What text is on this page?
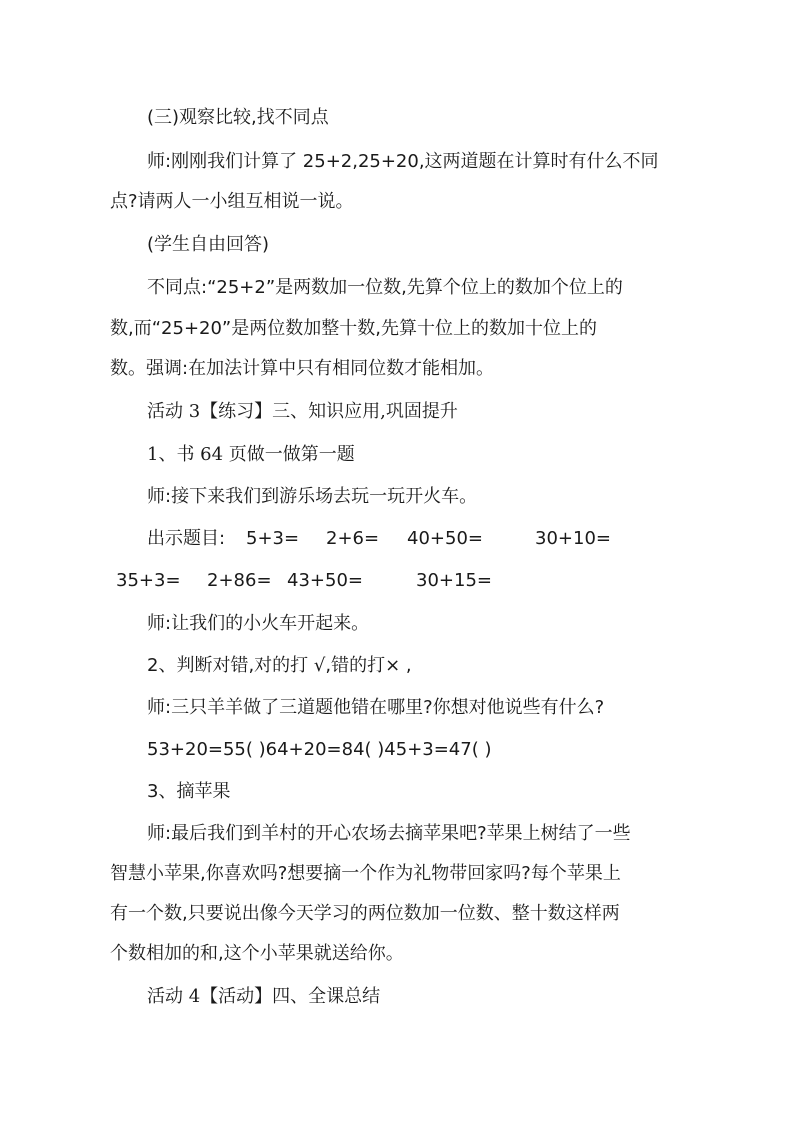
(三)观察比较,找不同点
师:刚刚我们计算了 25+2,25+20,这两道题在计算时有什么不同
点?请两人一小组互相说一说。
(学生自由回答)
不同点:“25+2”是两数加一位数,先算个位上的数加个位上的
数,而“25+20”是两位数加整十数,先算十位上的数加十位上的
数。强调:在加法计算中只有相同位数才能相加。
活动 3【练习】三、知识应用,巩固提升
1、书 64 页做一做第一题
师:接下来我们到游乐场去玩一玩开火车。
出示题目: 5+3= 2+6= 40+50=	30+10=
35+3= 2+86= 43+50=	30+15=
师:让我们的小火车开起来。
2、判断对错,对的打 √,错的打× ,
师:三只羊羊做了三道题他错在哪里?你想对他说些有什么?
53+20=55( )64+20=84( )45+3=47( )
3、摘苹果
师:最后我们到羊村的开心农场去摘苹果吧?苹果上树结了一些
智慧小苹果,你喜欢吗?想要摘一个作为礼物带回家吗?每个苹果上
有一个数,只要说出像今天学习的两位数加一位数、整十数这样两
个数相加的和,这个小苹果就送给你。
活动 4【活动】四、全课总结
